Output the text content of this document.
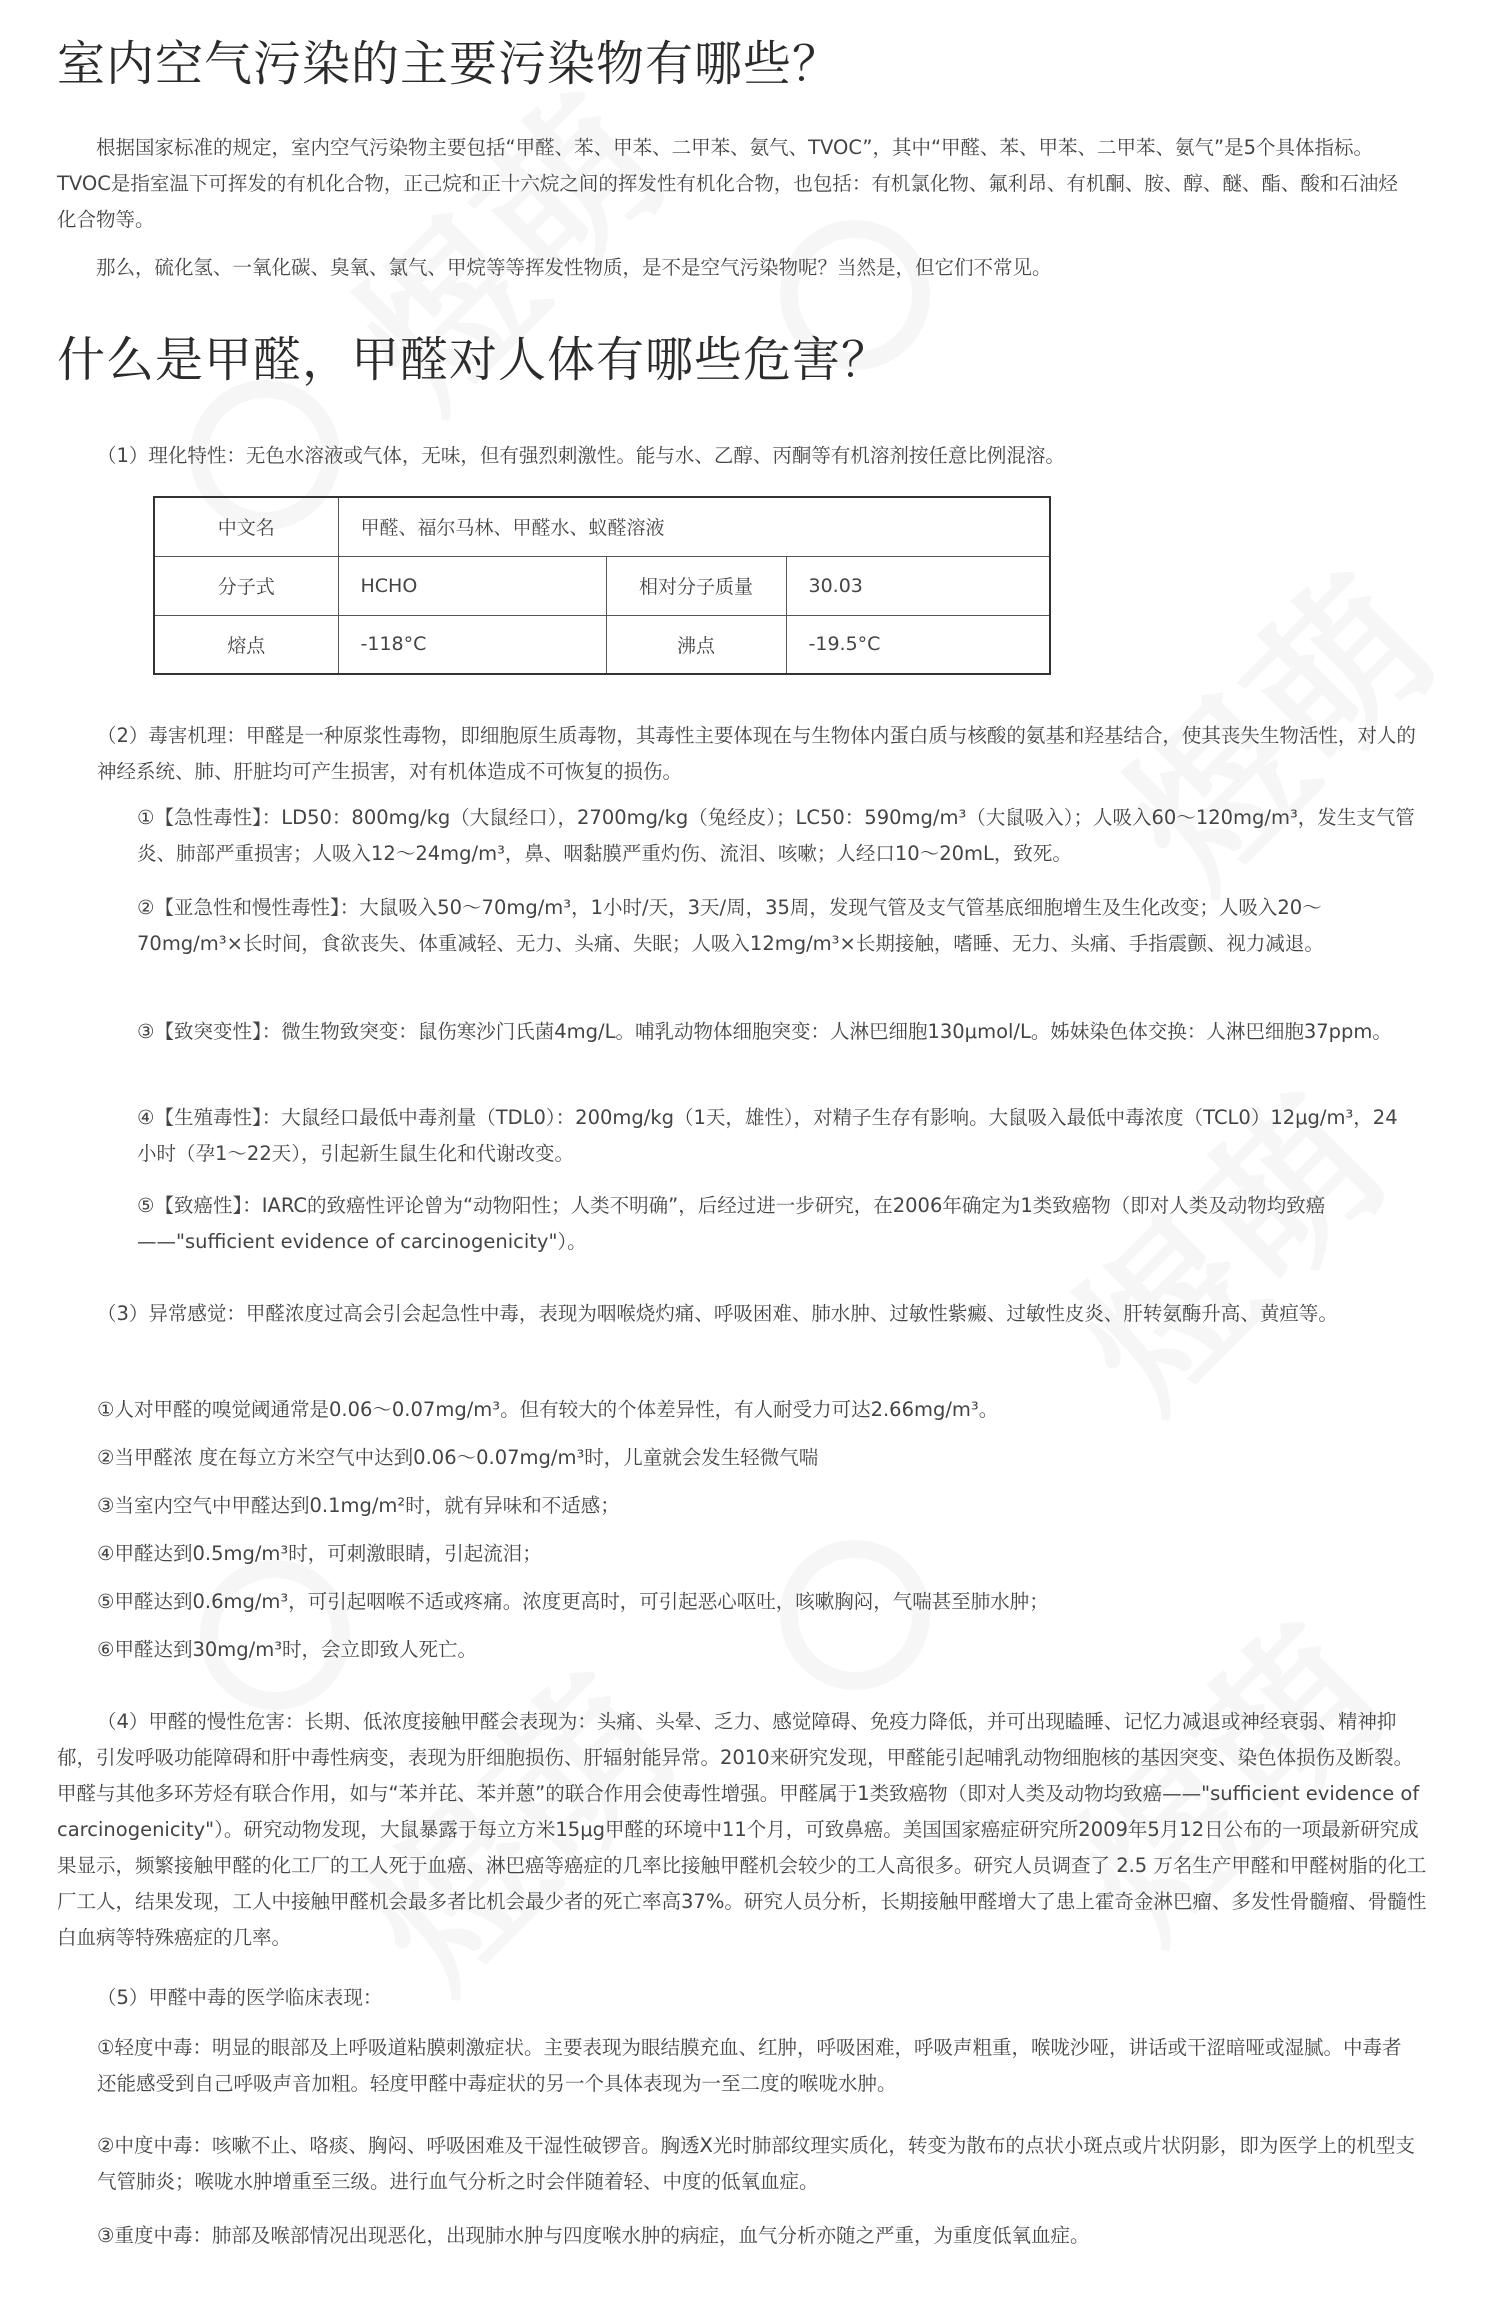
室内空气污染的主要污染物有哪些？

根据国家标准的规定，室内空气污染物主要包括“甲醛、苯、甲苯、二甲苯、氨气、TVOC”，其中“甲醛、苯、甲苯、二甲苯、氨气”是5个具体指标。TVOC是指室温下可挥发的有机化合物，正己烷和正十六烷之间的挥发性有机化合物，也包括：有机氯化物、氟利昂、有机酮、胺、醇、醚、酯、酸和石油烃化合物等。

那么，硫化氢、一氧化碳、臭氧、氯气、甲烷等等挥发性物质，是不是空气污染物呢？当然是，但它们不常见。

什么是甲醛，甲醛对人体有哪些危害？

（1）理化特性：无色水溶液或气体，无味，但有强烈刺激性。能与水、乙醇、丙酮等有机溶剂按任意比例混溶。

中文名	甲醛、福尔马林、甲醛水、蚁醛溶液		
分子式	HCHO	相对分子质量	30.03
熔点	-118°C	沸点	-19.5°C

（2）毒害机理：甲醛是一种原浆性毒物，即细胞原生质毒物，其毒性主要体现在与生物体内蛋白质与核酸的氨基和羟基结合，使其丧失生物活性，对人的神经系统、肺、肝脏均可产生损害，对有机体造成不可恢复的损伤。

①【急性毒性】：LD50：800mg/kg（大鼠经口），2700mg/kg（兔经皮）；LC50：590mg/m³（大鼠吸入）；人吸入60～120mg/m³，发生支气管炎、肺部严重损害；人吸入12～24mg/m³，鼻、咽黏膜严重灼伤、流泪、咳嗽；人经口10～20mL，致死。

②【亚急性和慢性毒性】：大鼠吸入50～70mg/m³，1小时/天，3天/周，35周，发现气管及支气管基底细胞增生及生化改变；人吸入20～70mg/m³×长时间，食欲丧失、体重减轻、无力、头痛、失眠；人吸入12mg/m³×长期接触，嗜睡、无力、头痛、手指震颤、视力减退。

③【致突变性】：微生物致突变：鼠伤寒沙门氏菌4mg/L。哺乳动物体细胞突变：人淋巴细胞130μmol/L。姊妹染色体交换：人淋巴细胞37ppm。

④【生殖毒性】：大鼠经口最低中毒剂量（TDL0）：200mg/kg（1天，雄性），对精子生存有影响。大鼠吸入最低中毒浓度（TCL0）12μg/m³，24小时（孕1～22天），引起新生鼠生化和代谢改变。

⑤【致癌性】：IARC的致癌性评论曾为“动物阳性；人类不明确”，后经过进一步研究，在2006年确定为1类致癌物（即对人类及动物均致癌——"sufficient evidence of carcinogenicity"）。

（3）异常感觉：甲醛浓度过高会引会起急性中毒，表现为咽喉烧灼痛、呼吸困难、肺水肿、过敏性紫癜、过敏性皮炎、肝转氨酶升高、黄疸等。

①人对甲醛的嗅觉阈通常是0.06～0.07mg/m³。但有较大的个体差异性，有人耐受力可达2.66mg/m³。

②当甲醛浓 度在每立方米空气中达到0.06～0.07mg/m³时，儿童就会发生轻微气喘

③当室内空气中甲醛达到0.1mg/m²时，就有异味和不适感；

④甲醛达到0.5mg/m³时，可刺激眼睛，引起流泪；

⑤甲醛达到0.6mg/m³，可引起咽喉不适或疼痛。浓度更高时，可引起恶心呕吐，咳嗽胸闷，气喘甚至肺水肿；

⑥甲醛达到30mg/m³时，会立即致人死亡。

（4）甲醛的慢性危害：长期、低浓度接触甲醛会表现为：头痛、头晕、乏力、感觉障碍、免疫力降低，并可出现瞌睡、记忆力减退或神经衰弱、精神抑郁，引发呼吸功能障碍和肝中毒性病变，表现为肝细胞损伤、肝辐射能异常。2010来研究发现，甲醛能引起哺乳动物细胞核的基因突变、染色体损伤及断裂。甲醛与其他多环芳烃有联合作用，如与“苯并芘、苯并蒽”的联合作用会使毒性增强。甲醛属于1类致癌物（即对人类及动物均致癌——"sufficient evidence of carcinogenicity"）。研究动物发现，大鼠暴露于每立方米15μg甲醛的环境中11个月，可致鼻癌。美国国家癌症研究所2009年5月12日公布的一项最新研究成果显示，频繁接触甲醛的化工厂的工人死于血癌、淋巴癌等癌症的几率比接触甲醛机会较少的工人高很多。研究人员调查了 2.5 万名生产甲醛和甲醛树脂的化工厂工人，结果发现，工人中接触甲醛机会最多者比机会最少者的死亡率高37%。研究人员分析，长期接触甲醛增大了患上霍奇金淋巴瘤、多发性骨髓瘤、骨髓性白血病等特殊癌症的几率。

（5）甲醛中毒的医学临床表现：

①轻度中毒：明显的眼部及上呼吸道粘膜刺激症状。主要表现为眼结膜充血、红肿，呼吸困难，呼吸声粗重，喉咙沙哑，讲话或干涩暗哑或湿腻。中毒者还能感受到自己呼吸声音加粗。轻度甲醛中毒症状的另一个具体表现为一至二度的喉咙水肿。

②中度中毒：咳嗽不止、咯痰、胸闷、呼吸困难及干湿性破锣音。胸透X光时肺部纹理实质化，转变为散布的点状小斑点或片状阴影，即为医学上的机型支气管肺炎；喉咙水肿增重至三级。进行血气分析之时会伴随着轻、中度的低氧血症。

③重度中毒：肺部及喉部情况出现恶化，出现肺水肿与四度喉水肿的病症，血气分析亦随之严重，为重度低氧血症。
